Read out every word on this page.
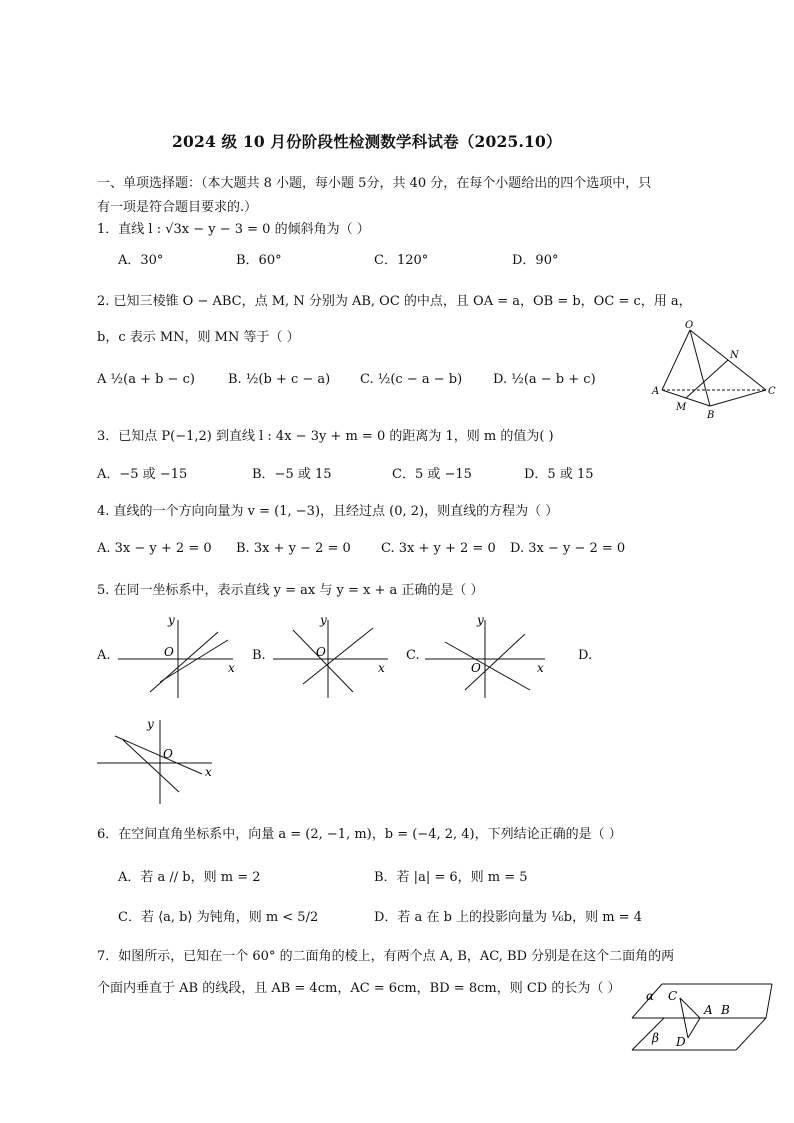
2024 级 10 月份阶段性检测数学科试卷（2025.10）
一、单项选择题：（本大题共 8 小题，每小题 5分，共 40 分，在每个小题给出的四个选项中，只
有一项是符合题目要求的.）
1．直线 l : √3x − y − 3 = 0 的倾斜角为（ ）
A．30°	B．60°	C．120°	D．90°
2. 已知三棱锥 O − ABC，点 M, N 分别为 AB, OC 的中点，且 OA = a，OB = b，OC = c，用 a，
b，c 表示 MN，则 MN 等于（ ）
A ½(a + b − c)	B. ½(b + c − a) C. ½(c − a − b) D. ½(a − b + c)
O
N
A
M
B
C
3．已知点 P(−1,2) 到直线 l : 4x − 3y + m = 0 的距离为 1，则 m 的值为( )
A．−5 或 −15	B．−5 或 15	C．5 或 −15	D．5 或 15
4. 直线的一个方向向量为 v = (1, −3)，且经过点 (0, 2)，则直线的方程为（ ）
A. 3x − y + 2 = 0 B. 3x + y − 2 = 0 C. 3x + y + 2 = 0 D. 3x − y − 2 = 0
5. 在同一坐标系中，表示直线 y = ax 与 y = x + a 正确的是（ ）
A.	B.	C.	D.
y
O
x
y
O
x
y
O	x
y
O
x
6．在空间直角坐标系中，向量 a = (2, −1, m)，b = (−4, 2, 4)，下列结论正确的是（ ）
A．若 a // b，则 m = 2	B．若 |a| = 6，则 m = 5
C．若 ⟨a, b⟩ 为钝角，则 m < 5/2	D．若 a 在 b 上的投影向量为 ⅙b，则 m = 4
7．如图所示，已知在一个 60° 的二面角的棱上，有两个点 A, B，AC, BD 分别是在这个二面角的两
个面内垂直于 AB 的线段，且 AB = 4cm，AC = 6cm，BD = 8cm，则 CD 的长为（ ） α C
A B
β D
